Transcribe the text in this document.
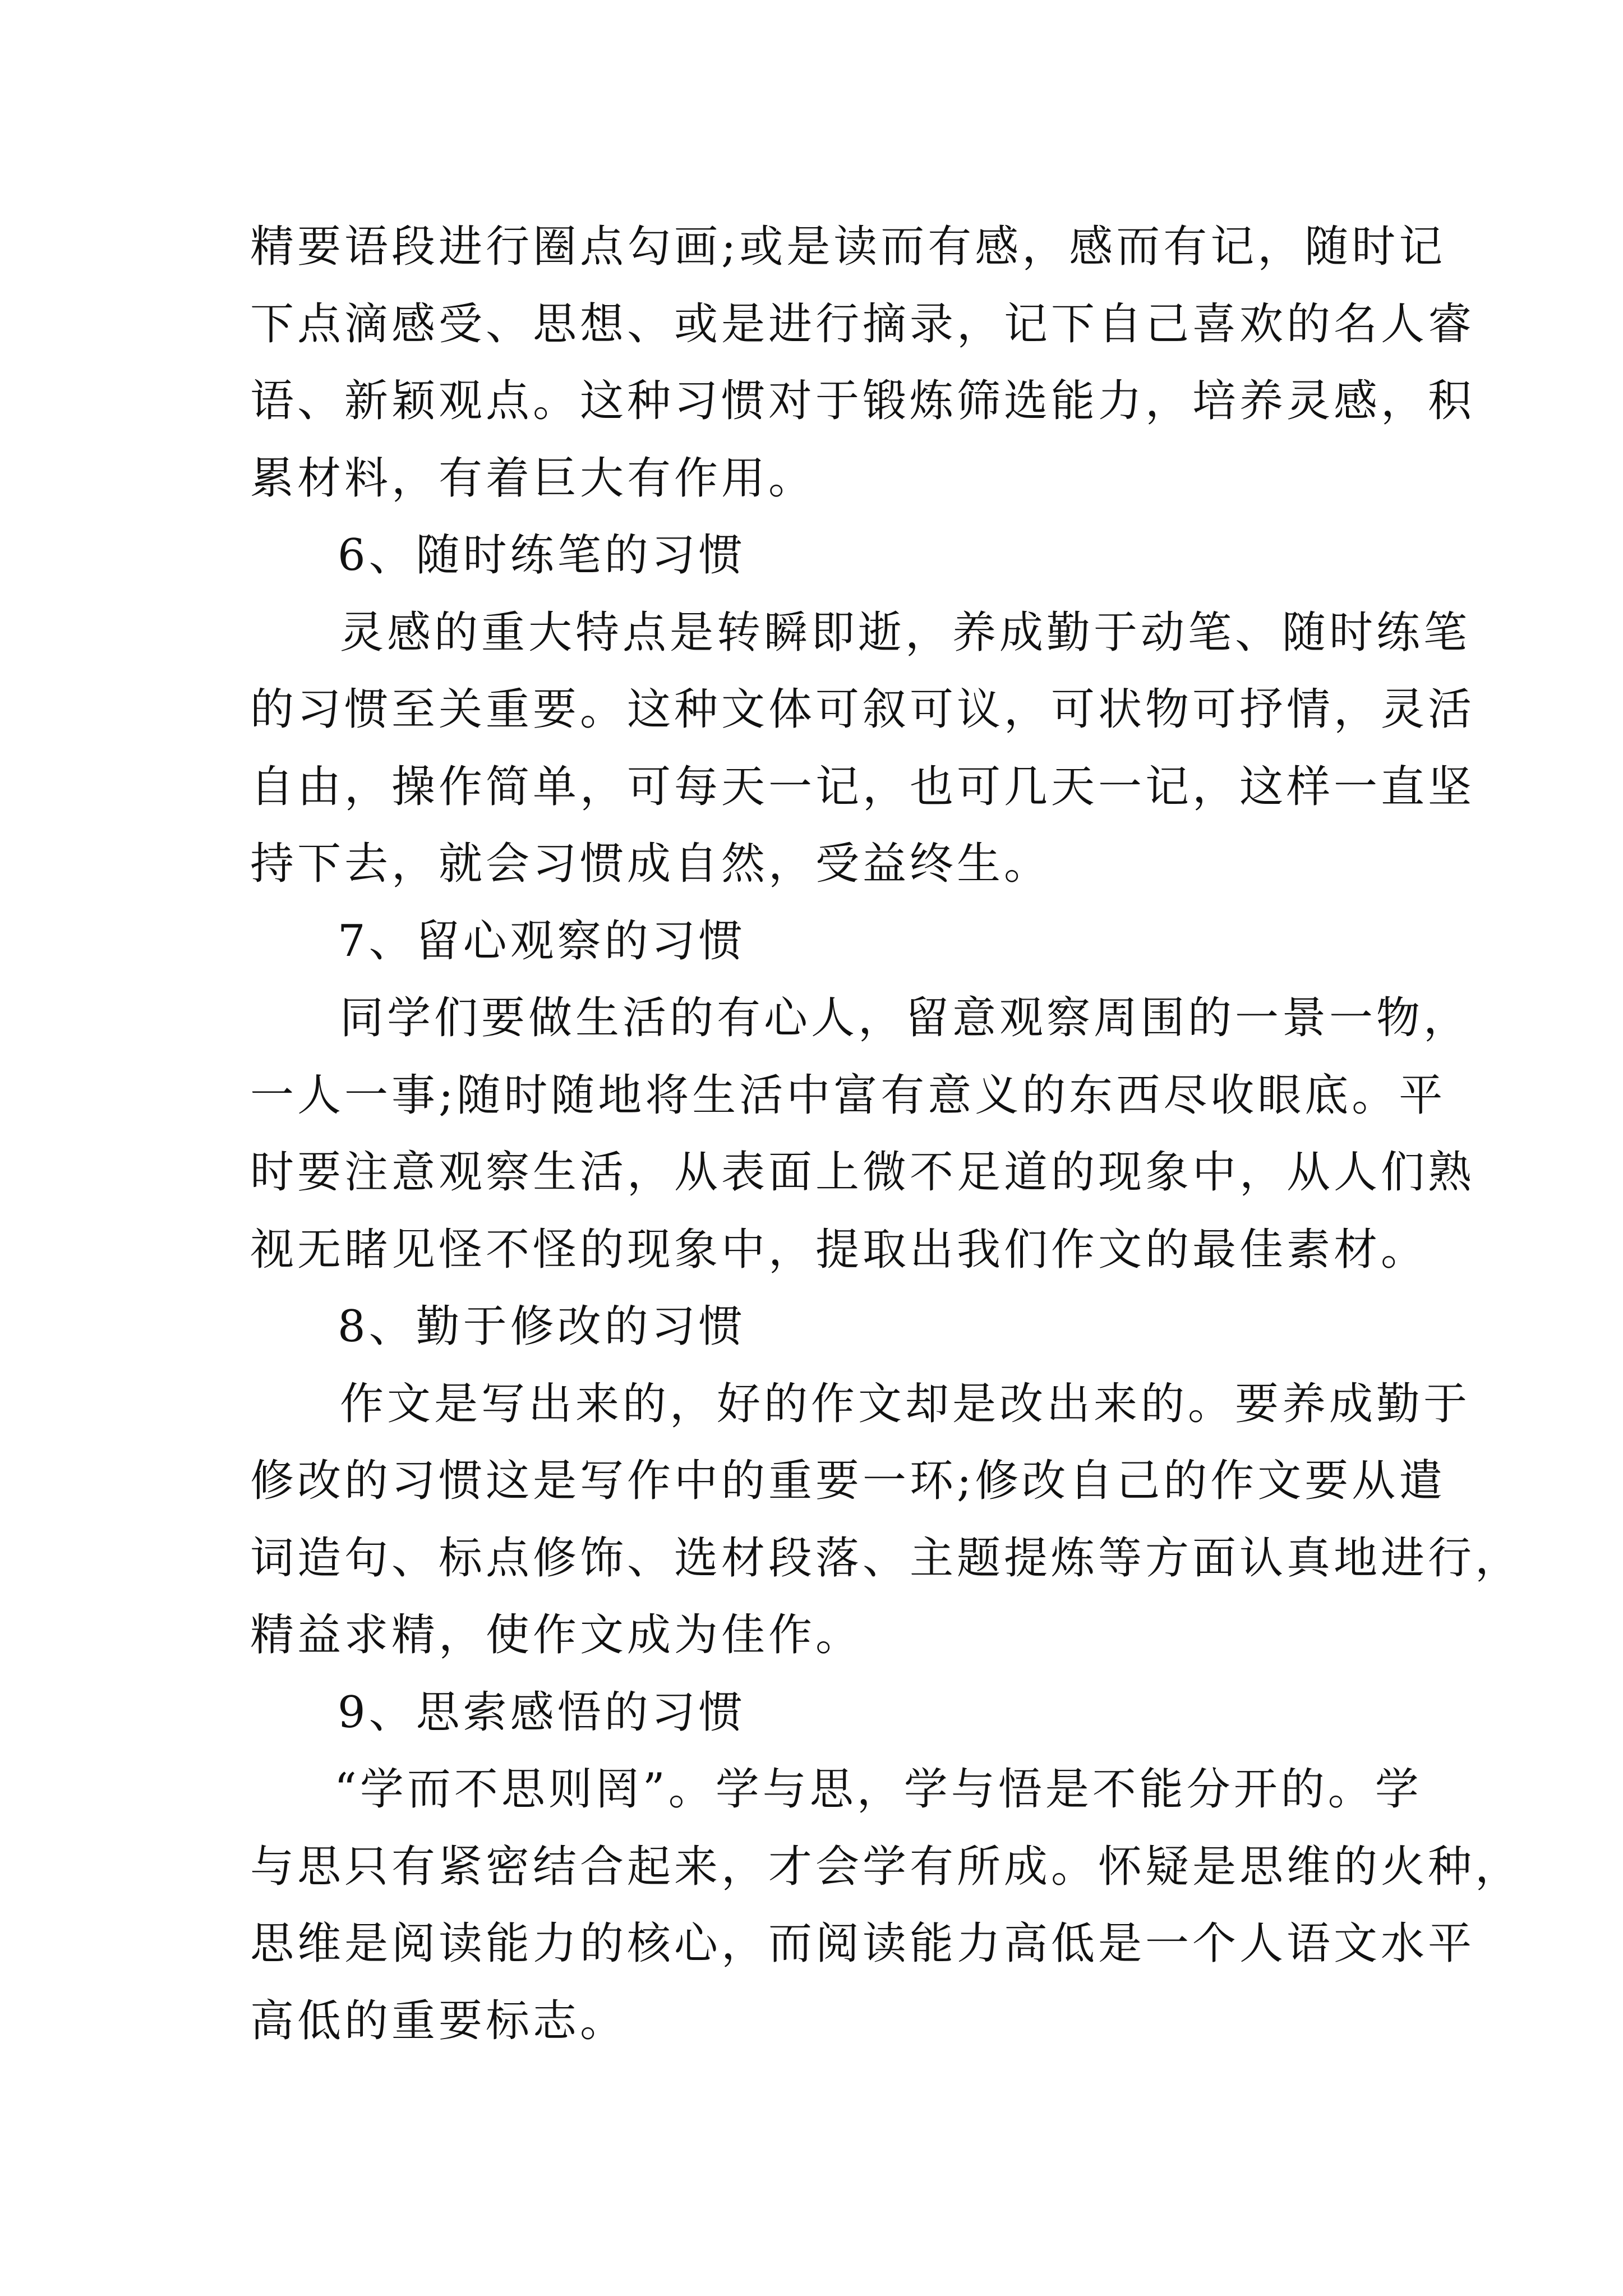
精要语段进行圈点勾画;或是读而有感，感而有记，随时记
下点滴感受、思想、或是进行摘录，记下自己喜欢的名人睿
语、新颖观点。这种习惯对于锻炼筛选能力，培养灵感，积
累材料，有着巨大有作用。
6、随时练笔的习惯
灵感的重大特点是转瞬即逝，养成勤于动笔、随时练笔
的习惯至关重要。这种文体可叙可议，可状物可抒情，灵活
自由，操作简单，可每天一记，也可几天一记，这样一直坚
持下去，就会习惯成自然，受益终生。
7、留心观察的习惯
同学们要做生活的有心人，留意观察周围的一景一物，
一人一事;随时随地将生活中富有意义的东西尽收眼底。平
时要注意观察生活，从表面上微不足道的现象中，从人们熟
视无睹见怪不怪的现象中，提取出我们作文的最佳素材。
8、勤于修改的习惯
作文是写出来的，好的作文却是改出来的。要养成勤于
修改的习惯这是写作中的重要一环;修改自己的作文要从遣
词造句、标点修饰、选材段落、主题提炼等方面认真地进行，
精益求精，使作文成为佳作。
9、思索感悟的习惯
“学而不思则罔”。学与思，学与悟是不能分开的。学
与思只有紧密结合起来，才会学有所成。怀疑是思维的火种，
思维是阅读能力的核心，而阅读能力高低是一个人语文水平
高低的重要标志。
